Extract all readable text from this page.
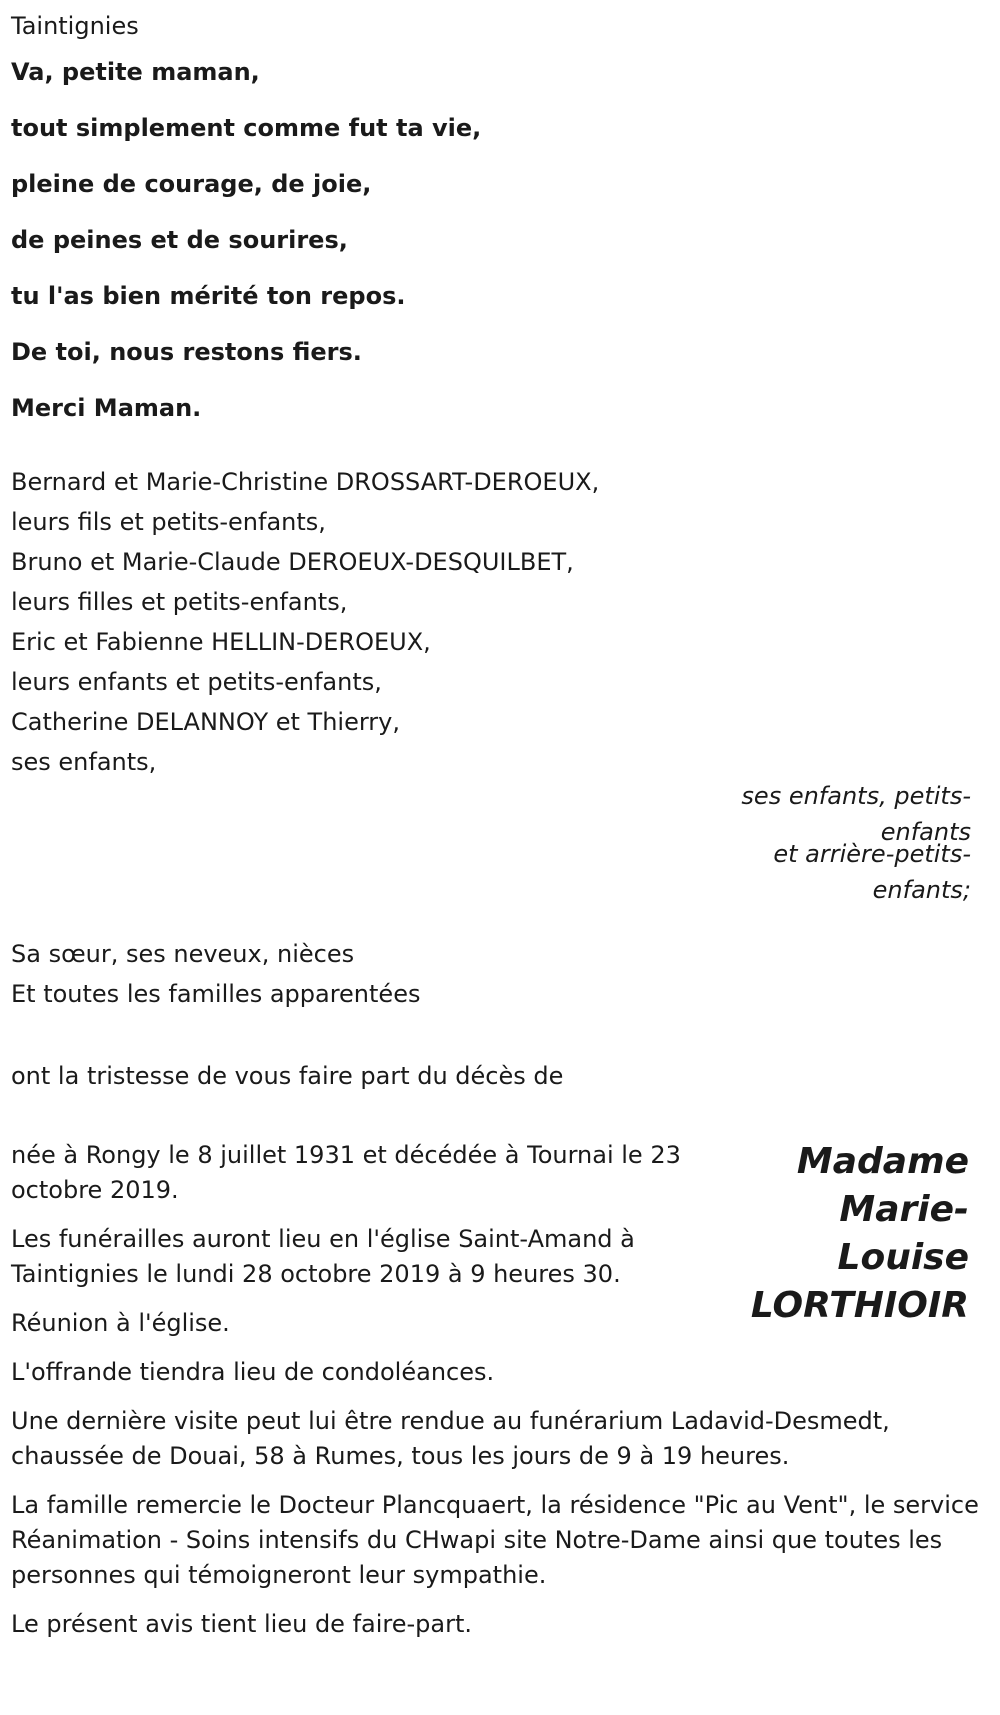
Taintignies
Va, petite maman,
tout simplement comme fut ta vie,
pleine de courage, de joie,
de peines et de sourires,
tu l'as bien mérité ton repos.
De toi, nous restons fiers.
Merci Maman.
Bernard et Marie-Christine DROSSART-DEROEUX,
leurs fils et petits-enfants,
Bruno et Marie-Claude DEROEUX-DESQUILBET,
leurs filles et petits-enfants,
Eric et Fabienne HELLIN-DEROEUX,
leurs enfants et petits-enfants,
Catherine DELANNOY et Thierry,
ses enfants,
ses enfants, petits-
enfants
et arrière-petits-
enfants;
Sa sœur, ses neveux, nièces
Et toutes les familles apparentées
ont la tristesse de vous faire part du décès de
Madame
Marie-
Louise
LORTHIOIR

née à Rongy le 8 juillet 1931 et décédée à Tournai le 23 octobre 2019.

Les funérailles auront lieu en l'église Saint-Amand à Taintignies le lundi 28 octobre 2019 à 9 heures 30.

Réunion à l'église.

L'offrande tiendra lieu de condoléances.

Une dernière visite peut lui être rendue au funérarium Ladavid-Desmedt, chaussée de Douai, 58 à Rumes, tous les jours de 9 à 19 heures.

La famille remercie le Docteur Plancquaert, la résidence "Pic au Vent", le service Réanimation - Soins intensifs du CHwapi site Notre-Dame ainsi que toutes les personnes qui témoigneront leur sympathie.

Le présent avis tient lieu de faire-part.
